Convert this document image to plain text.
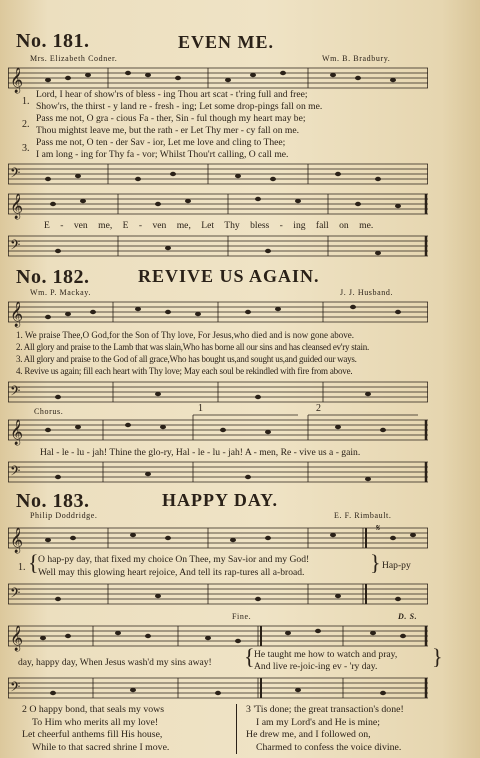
No. 181.	EVEN ME.
Mrs. Elizabeth Codner.	Wm. B. Bradbury.
𝄞
1.
Lord, I hear of show'rs of bless - ing Thou art scat - t'ring full and free;
Show'rs, the thirst - y land re - fresh - ing; Let some drop-pings fall on me.
2.
Pass me not, O gra - cious Fa - ther, Sin - ful though my heart may be;
Thou mightst leave me, but the rath - er Let Thy mer - cy fall on me.
3.
Pass me not, O ten - der Sav - ior, Let me love and cling to Thee;
I am long - ing for Thy fa - vor; Whilst Thou'rt calling, O call me.
𝄢
𝄞
E - ven me, E - ven me, Let Thy bless - ing fall on me.
𝄢
No. 182.	REVIVE US AGAIN.
Wm. P. Mackay.	J. J. Husband.
𝄞
1. We praise Thee,O God,for the Son of Thy love, For Jesus,who died and is now gone above.
2. All glory and praise to the Lamb that was slain,Who has borne all our sins and has cleansed ev'ry stain.
3. All glory and praise to the God of all grace,Who has bought us,and sought us,and guided our ways.
4. Revive us again; fill each heart with Thy love; May each soul be rekindled with fire from above.
𝄢
Chorus.	1	2
𝄞
Hal - le - lu - jah! Thine the glo-ry, Hal - le - lu - jah! A - men, Re - vive us a - gain.
𝄢
No. 183.	HAPPY DAY.
Philip Doddridge.	E. F. Rimbault.
𝄞	𝄋
1. { O hap-py day, that fixed my choice On Thee, my Sav-ior and my God!
Well may this glowing heart rejoice, And tell its rap-tures all a-broad.	} Hap-py
𝄢
Fine.	D. S.
𝄞
day, happy day, When Jesus wash'd my sins away! { He taught me how to watch and pray,
And live re-joic-ing ev - 'ry day. }
𝄢
2 O happy bond, that seals my vows
To Him who merits all my love!
Let cheerful anthems fill His house,
While to that sacred shrine I move.
3 'Tis done; the great transaction's done!
I am my Lord's and He is mine;
He drew me, and I followed on,
Charmed to confess the voice divine.
